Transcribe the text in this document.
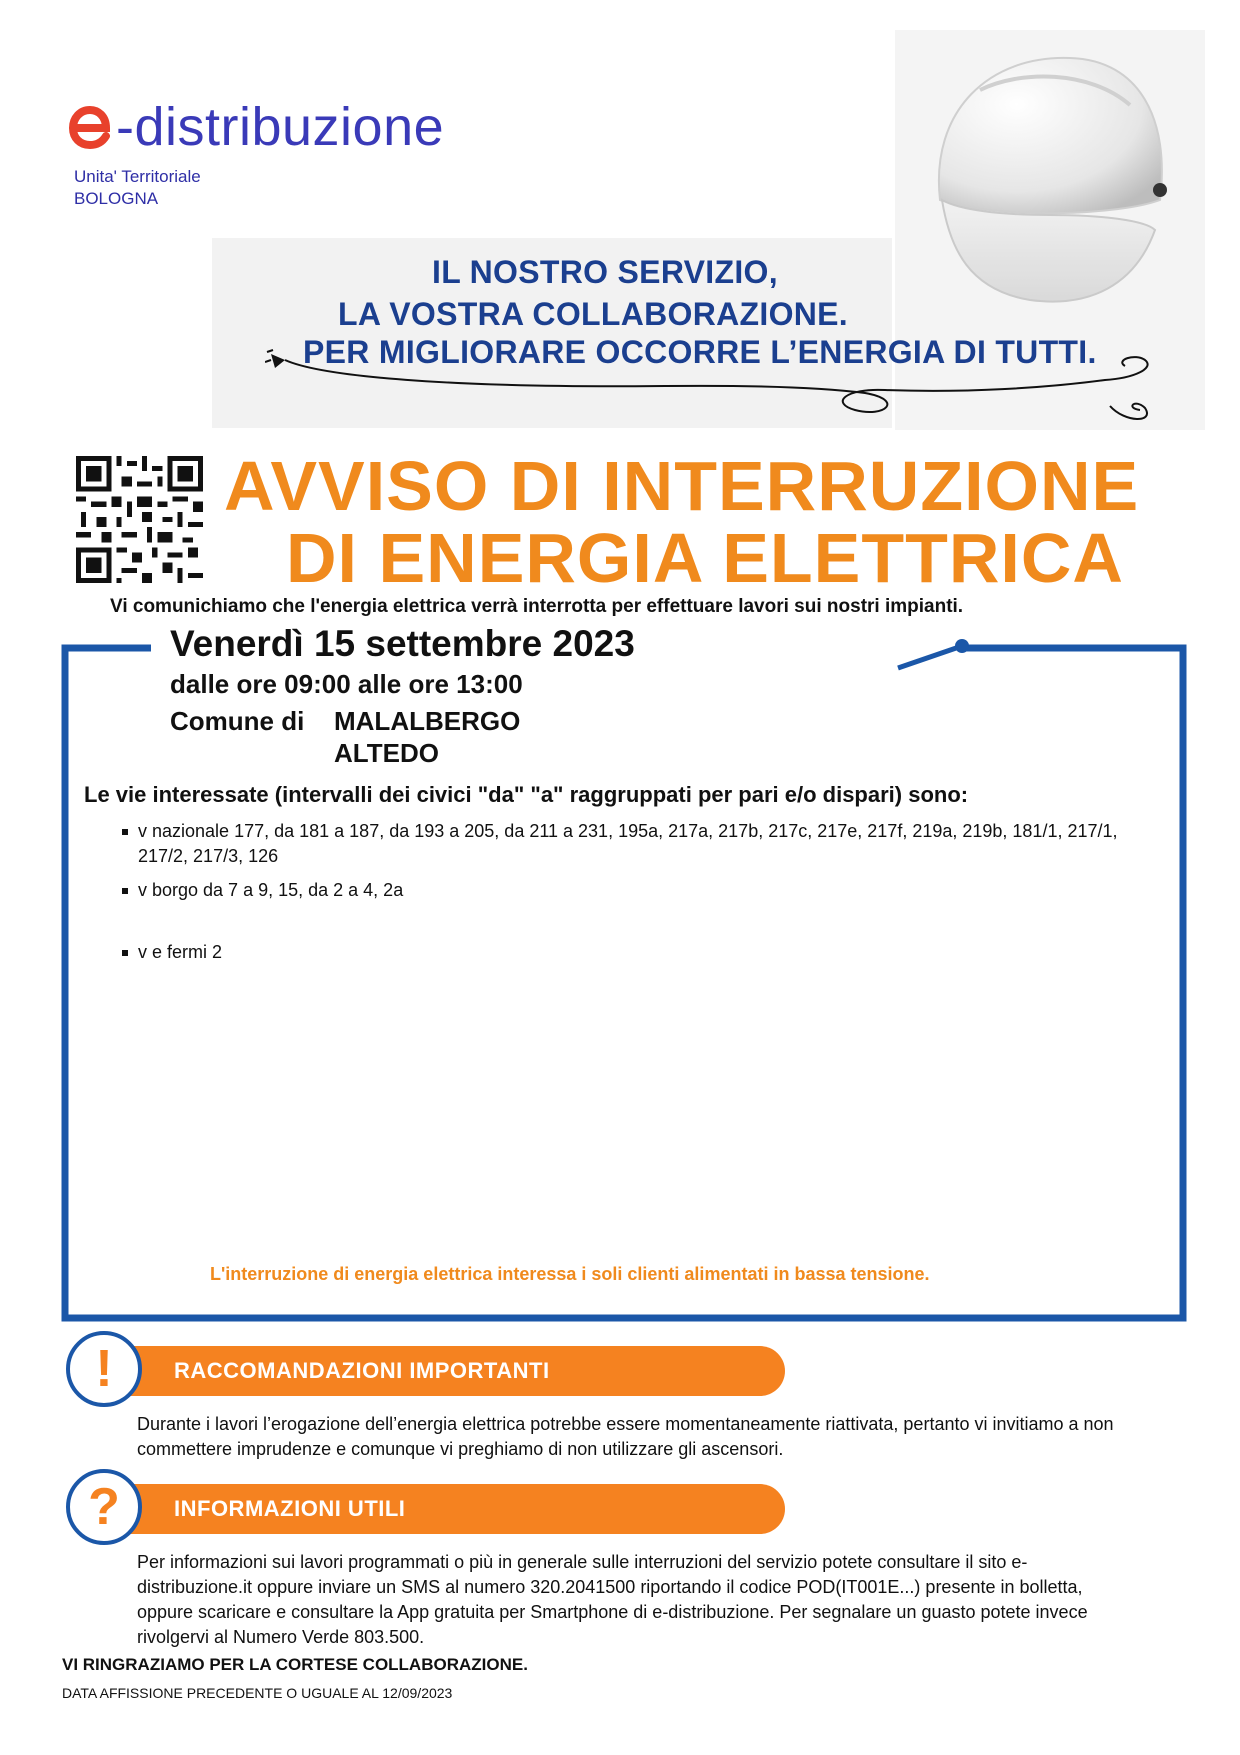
-distribuzione
Unita' Territoriale
BOLOGNA
IL NOSTRO SERVIZIO,
LA VOSTRA COLLABORAZIONE.
PER MIGLIORARE OCCORRE L’ENERGIA DI TUTTI.
AVVISO DI INTERRUZIONE
DI ENERGIA ELETTRICA
Vi comunichiamo che l'energia elettrica verrà interrotta per effettuare lavori sui nostri impianti.
Venerdì 15 settembre 2023
dalle ore 09:00 alle ore 13:00
Comune di MALALBERGO
ALTEDO
Le vie interessate (intervalli dei civici "da" "a" raggruppati per pari e/o dispari) sono:
v nazionale 177, da 181 a 187, da 193 a 205, da 211 a 231, 195a, 217a, 217b, 217c, 217e, 217f, 219a, 219b, 181/1, 217/1, 217/2, 217/3, 126
v borgo da 7 a 9, 15, da 2 a 4, 2a
v e fermi 2
L'interruzione di energia elettrica interessa i soli clienti alimentati in bassa tensione.
RACCOMANDAZIONI IMPORTANTI
!
Durante i lavori l’erogazione dell’energia elettrica potrebbe essere momentaneamente riattivata, pertanto vi invitiamo a non commettere imprudenze e comunque vi preghiamo di non utilizzare gli ascensori.
INFORMAZIONI UTILI
?
Per informazioni sui lavori programmati o più in generale sulle interruzioni del servizio potete consultare il sito e-distribuzione.it oppure inviare un SMS al numero 320.2041500 riportando il codice POD(IT001E...) presente in bolletta, oppure scaricare e consultare la App gratuita per Smartphone di e-distribuzione. Per segnalare un guasto potete invece rivolgervi al Numero Verde 803.500.
VI RINGRAZIAMO PER LA CORTESE COLLABORAZIONE.
DATA AFFISSIONE PRECEDENTE O UGUALE AL 12/09/2023
